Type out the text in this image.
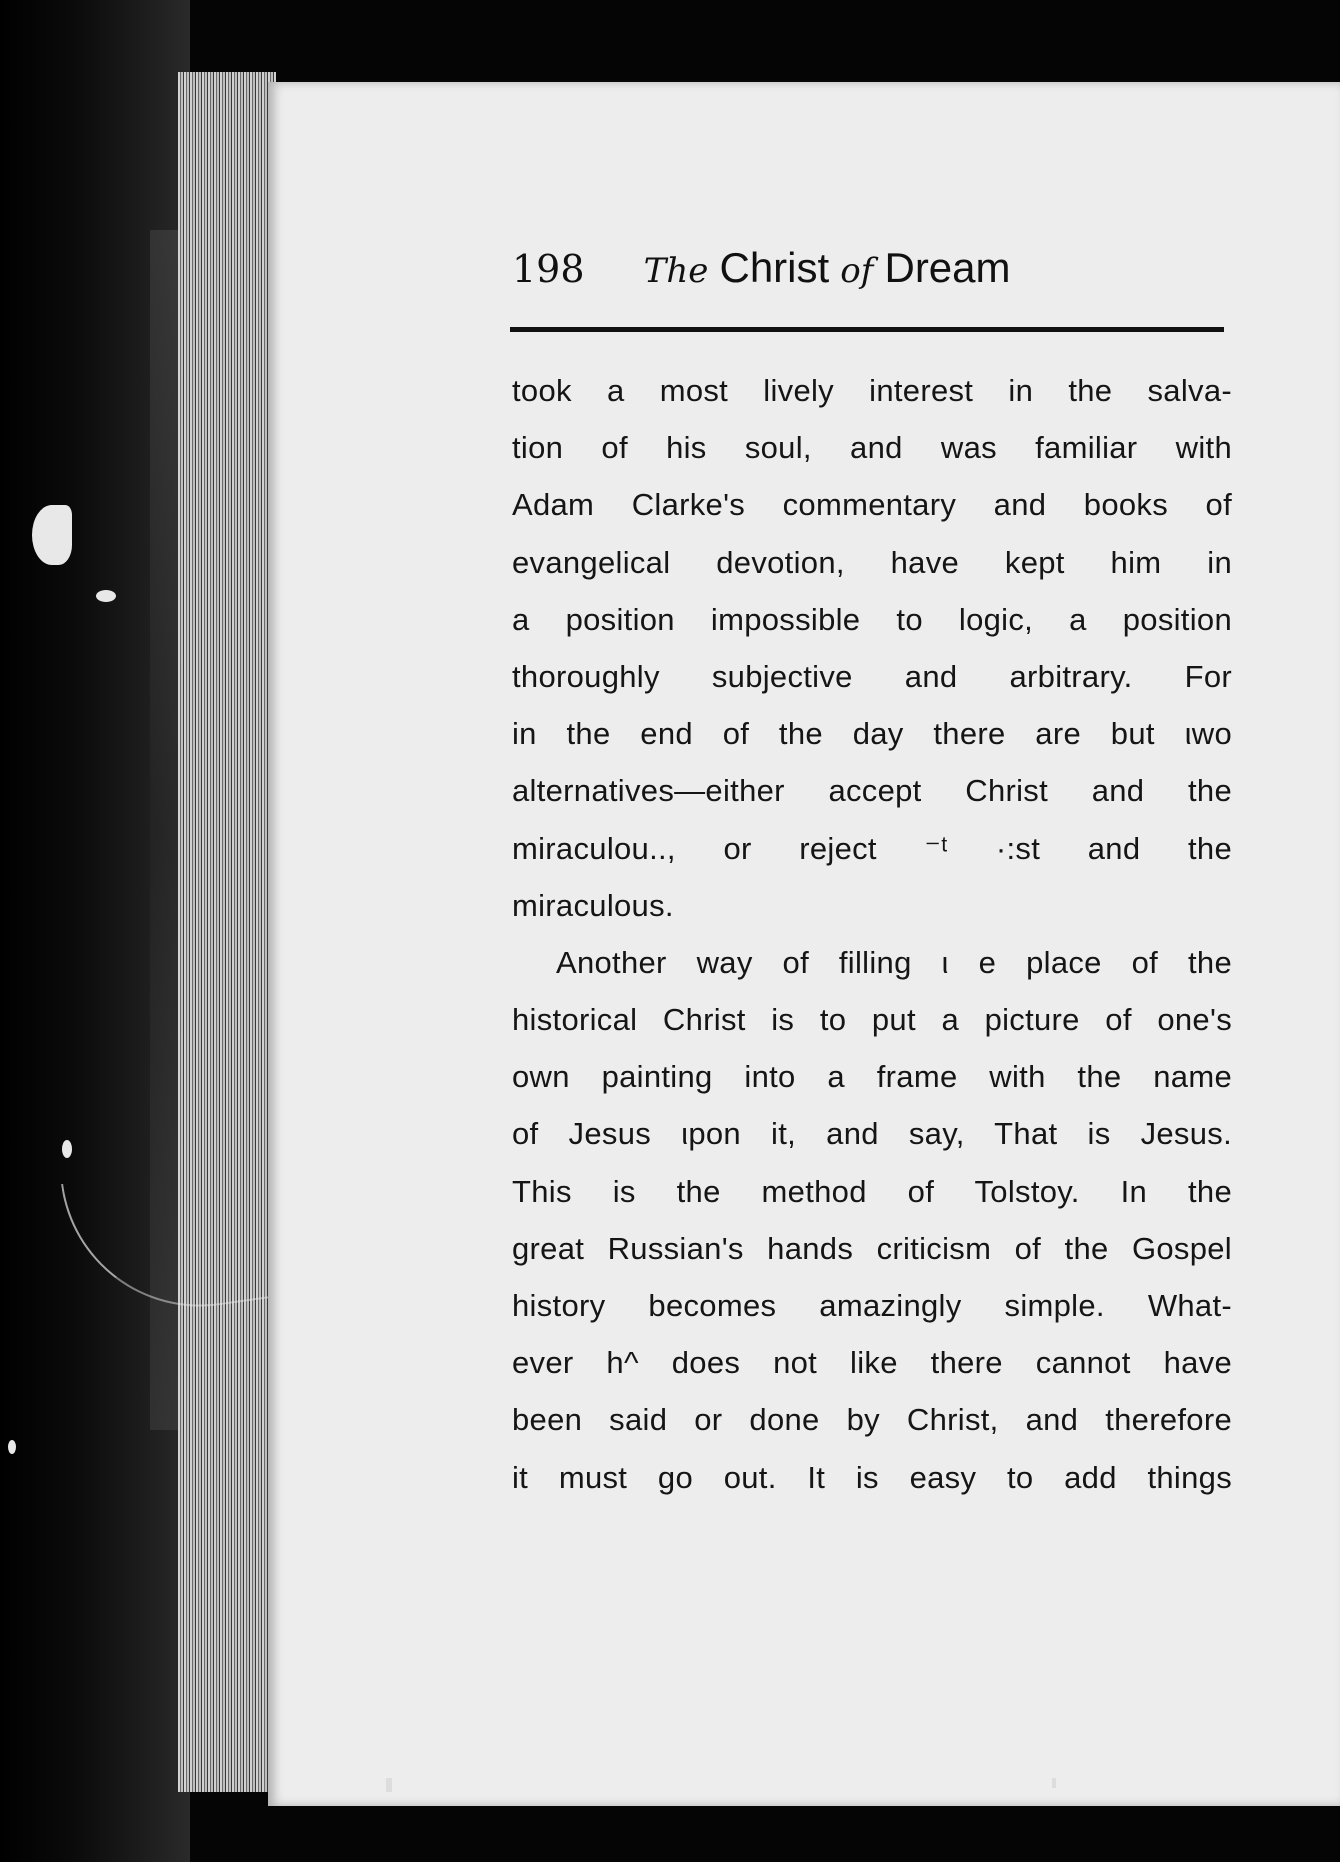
198 The Christ of Dream
took a most lively interest in the salva-
tion of his soul, and was familiar with
Adam Clarke's commentary and books of
evangelical devotion, have kept him in
a position impossible to logic, a position
thoroughly subjective and arbitrary. For
in the end of the day there are but ιwo
alternatives—either accept Christ and the
miraculou.., or reject ⁻ᵗ ·:st and the
miraculous.
Another way of filling ι e place of the
historical Christ is to put a picture of one's
own painting into a frame with the name
of Jesus ιpon it, and say, That is Jesus.
This is the method of Tolstoy. In the
great Russian's hands criticism of the Gospel
history becomes amazingly simple. What-
ever h^ does not like there cannot have
been said or done by Christ, and therefore
it must go out. It is easy to add things
